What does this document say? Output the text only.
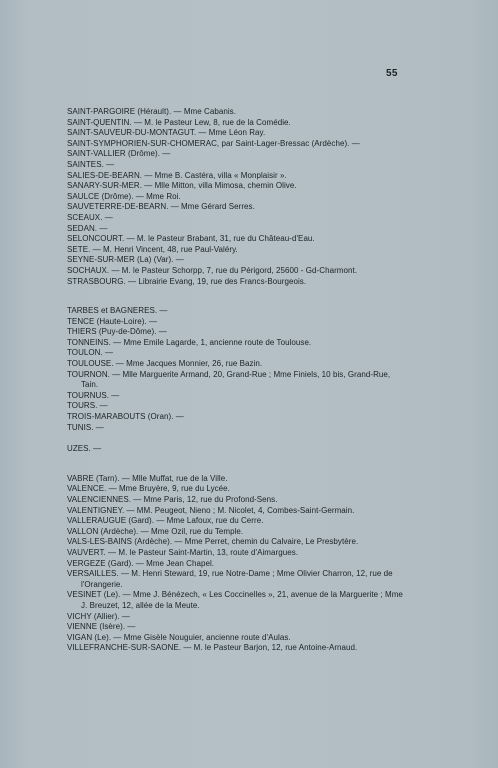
55
SAINT-PARGOIRE (Hérault). — Mme Cabanis.
SAINT-QUENTIN. — M. le Pasteur Lew, 8, rue de la Comédie.
SAINT-SAUVEUR-DU-MONTAGUT. — Mme Léon Ray.
SAINT-SYMPHORIEN-SUR-CHOMERAC, par Saint-Lager-Bressac (Ardèche). —
SAINT-VALLIER (Drôme). —
SAINTES. —
SALIES-DE-BEARN. — Mme B. Castéra, villa « Monplaisir ».
SANARY-SUR-MER. — Mlle Mitton, villa Mimosa, chemin Olive.
SAULCE (Drôme). — Mme Roi.
SAUVETERRE-DE-BEARN. — Mme Gérard Serres.
SCEAUX. —
SEDAN. —
SELONCOURT. — M. le Pasteur Brabant, 31, rue du Château-d'Eau.
SETE. — M. Henri Vincent, 48, rue Paul-Valéry.
SEYNE-SUR-MER (La) (Var). —
SOCHAUX. — M. le Pasteur Schorpp, 7, rue du Périgord, 25600 - Gd-Charmont.
STRASBOURG. — Librairie Evang, 19, rue des Francs-Bourgeois.
TARBES et BAGNERES. —
TENCE (Haute-Loire). —
THIERS (Puy-de-Dôme). —
TONNEINS. — Mme Emile Lagarde, 1, ancienne route de Toulouse.
TOULON. —
TOULOUSE. — Mme Jacques Monnier, 26, rue Bazin.
TOURNON. — Mlle Marguerite Armand, 20, Grand-Rue ; Mme Finiels, 10 bis, Grand-Rue, Tain.
TOURNUS. —
TOURS. —
TROIS-MARABOUTS (Oran). —
TUNIS. —
UZES. —
VABRE (Tarn). — Mlle Muffat, rue de la Ville.
VALENCE. — Mme Bruyère, 9, rue du Lycée.
VALENCIENNES. — Mme Paris, 12, rue du Profond-Sens.
VALENTIGNEY. — MM. Peugeot, Nieno ; M. Nicolet, 4, Combes-Saint-Germain.
VALLERAUGUE (Gard). — Mme Lafoux, rue du Cerre.
VALLON (Ardèche). — Mme Ozil, rue du Temple.
VALS-LES-BAINS (Ardèche). — Mme Perret, chemin du Calvaire, Le Presbytère.
VAUVERT. — M. le Pasteur Saint-Martin, 13, route d'Aimargues.
VERGEZE (Gard). — Mme Jean Chapel.
VERSAILLES. — M. Henri Steward, 19, rue Notre-Dame ; Mme Olivier Charron, 12, rue de l'Orangerie.
VESINET (Le). — Mme J. Bénézech, « Les Coccinelles », 21, avenue de la Marguerite ; Mme J. Breuzet, 12, allée de la Meute.
VICHY (Allier). —
VIENNE (Isère). —
VIGAN (Le). — Mme Gisèle Nouguier, ancienne route d'Aulas.
VILLEFRANCHE-SUR-SAONE. — M. le Pasteur Barjon, 12, rue Antoine-Arnaud.
